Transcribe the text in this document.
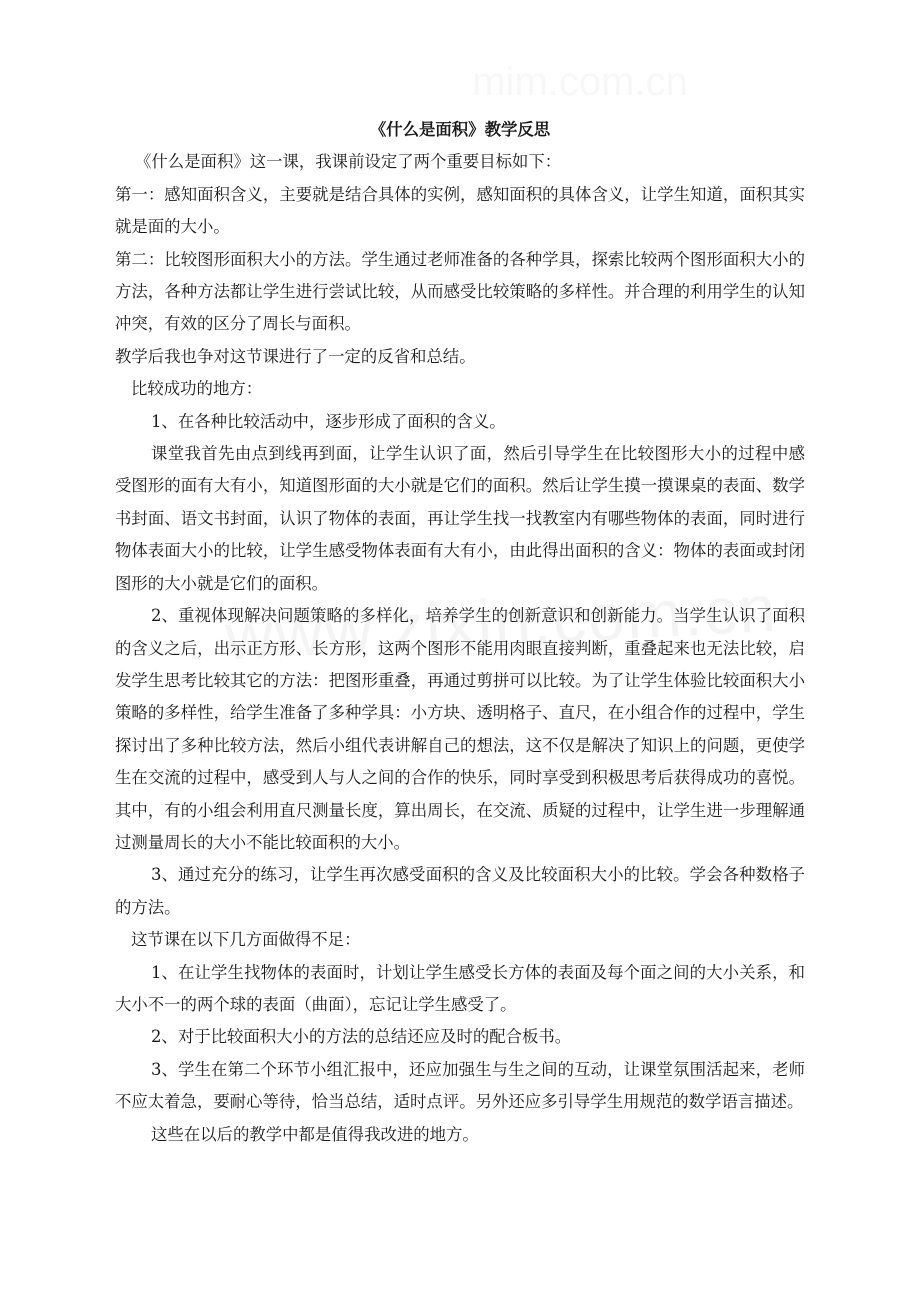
《什么是面积》教学反思

《什么是面积》这一课，我课前设定了两个重要目标如下：

第一：感知面积含义，主要就是结合具体的实例，感知面积的具体含义，让学生知道，面积其实就是面的大小。

第二：比较图形面积大小的方法。学生通过老师准备的各种学具，探索比较两个图形面积大小的方法，各种方法都让学生进行尝试比较，从而感受比较策略的多样性。并合理的利用学生的认知冲突，有效的区分了周长与面积。

教学后我也争对这节课进行了一定的反省和总结。

比较成功的地方：

1、在各种比较活动中，逐步形成了面积的含义。

课堂我首先由点到线再到面，让学生认识了面，然后引导学生在比较图形大小的过程中感受图形的面有大有小，知道图形面的大小就是它们的面积。然后让学生摸一摸课桌的表面、数学书封面、语文书封面，认识了物体的表面，再让学生找一找教室内有哪些物体的表面，同时进行物体表面大小的比较，让学生感受物体表面有大有小，由此得出面积的含义：物体的表面或封闭图形的大小就是它们的面积。

2、重视体现解决问题策略的多样化，培养学生的创新意识和创新能力。当学生认识了面积的含义之后，出示正方形、长方形，这两个图形不能用肉眼直接判断，重叠起来也无法比较，启发学生思考比较其它的方法：把图形重叠，再通过剪拼可以比较。为了让学生体验比较面积大小策略的多样性，给学生准备了多种学具：小方块、透明格子、直尺，在小组合作的过程中，学生探讨出了多种比较方法，然后小组代表讲解自己的想法，这不仅是解决了知识上的问题，更使学生在交流的过程中，感受到人与人之间的合作的快乐，同时享受到积极思考后获得成功的喜悦。其中，有的小组会利用直尺测量长度，算出周长，在交流、质疑的过程中，让学生进一步理解通过测量周长的大小不能比较面积的大小。

3、通过充分的练习，让学生再次感受面积的含义及比较面积大小的比较。学会各种数格子的方法。

这节课在以下几方面做得不足：

1、在让学生找物体的表面时，计划让学生感受长方体的表面及每个面之间的大小关系，和大小不一的两个球的表面（曲面），忘记让学生感受了。

2、对于比较面积大小的方法的总结还应及时的配合板书。

3、学生在第二个环节小组汇报中，还应加强生与生之间的互动，让课堂氛围活起来，老师不应太着急，要耐心等待，恰当总结，适时点评。另外还应多引导学生用规范的数学语言描述。

这些在以后的教学中都是值得我改进的地方。
